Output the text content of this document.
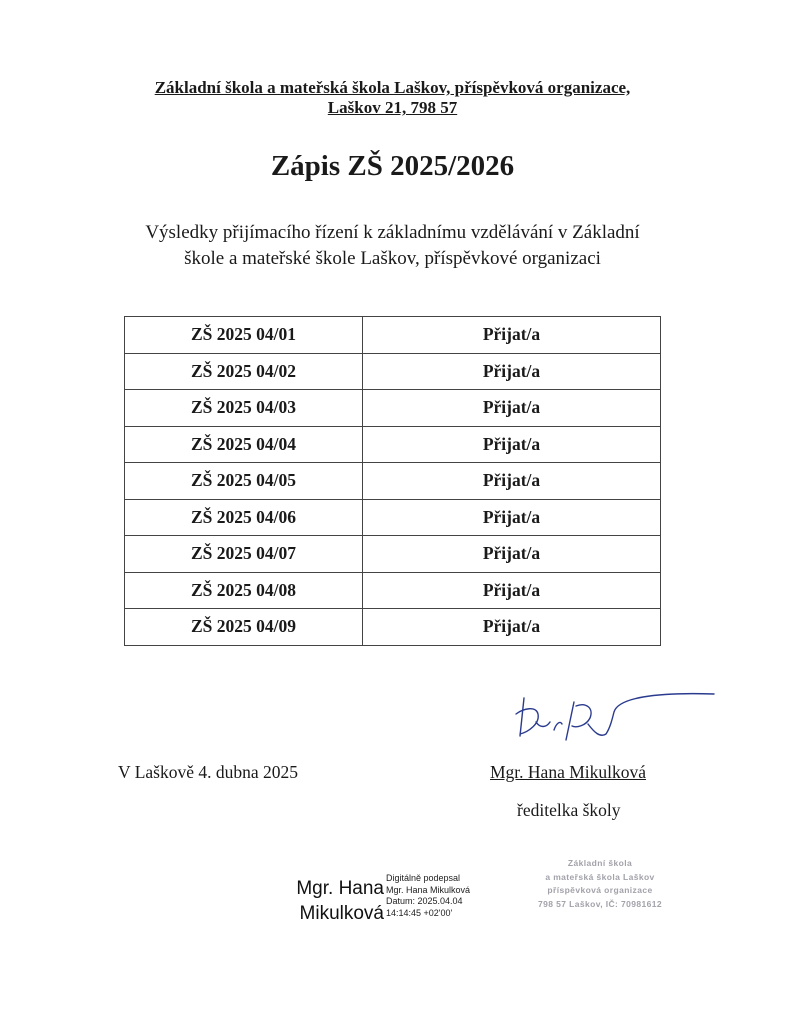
Základní škola a mateřská škola Laškov, příspěvková organizace,
Laškov 21, 798 57
Zápis ZŠ 2025/2026
Výsledky přijímacího řízení k základnímu vzdělávání v Základní
škole a mateřské škole Laškov, příspěvkové organizaci
ZŠ 2025 04/01	Přijat/a
ZŠ 2025 04/02	Přijat/a
ZŠ 2025 04/03	Přijat/a
ZŠ 2025 04/04	Přijat/a
ZŠ 2025 04/05	Přijat/a
ZŠ 2025 04/06	Přijat/a
ZŠ 2025 04/07	Přijat/a
ZŠ 2025 04/08	Přijat/a
ZŠ 2025 04/09	Přijat/a
V Laškově 4. dubna 2025	Mgr. Hana Mikulková
ředitelka školy
Mgr. Hana
Mikulková
Digitálně podepsal
Mgr. Hana Mikulková
Datum: 2025.04.04
14:14:45 +02'00'
Základní škola
a mateřská škola Laškov
příspěvková organizace
798 57 Laškov, IČ: 70981612
